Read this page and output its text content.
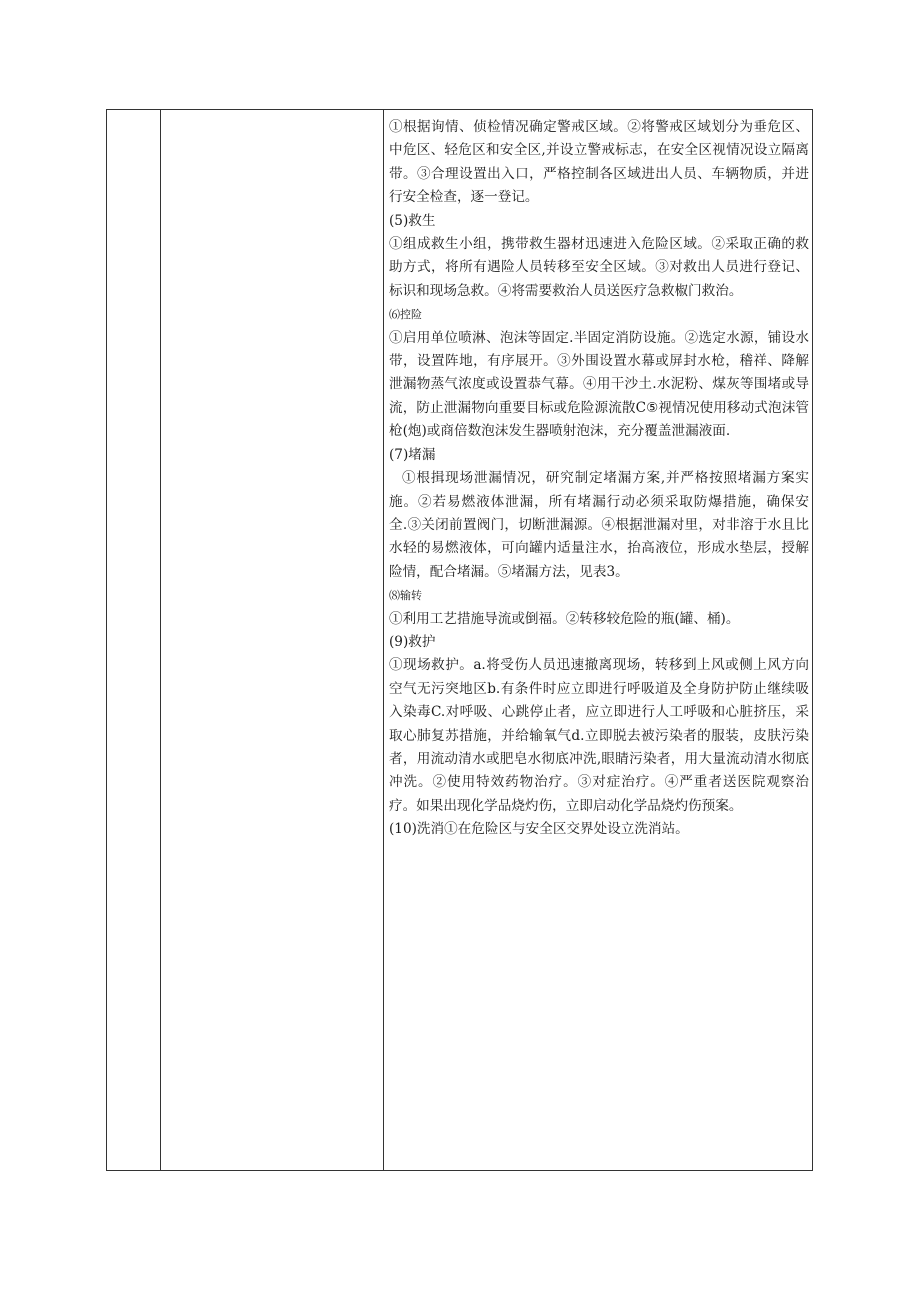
①根据询情、侦检情况确定警戒区域。②将警戒区域划分为垂危区、中危区、轻危区和安全区,并设立警戒标志，在安全区视情况设立隔离带。③合理设置出入口，严格控制各区域进出人员、车辆物质，并进行安全检查，逐一登记。

(5)救生

①组成救生小组，携带救生器材迅速进入危险区域。②采取正确的救助方式，将所有遇险人员转移至安全区域。③对救出人员进行登记、标识和现场急救。④将需要救治人员送医疗急救椒门救治。

⑹控险

①启用单位喷淋、泡沫等固定.半固定消防设施。②选定水源，铺设水带，设置阵地，有序展开。③外围设置水幕或屏封水枪，稽祥、降解泄漏物蒸气浓度或设置恭气幕。④用干沙土.水泥粉、煤灰等围堵或导流，防止泄漏物向重要目标或危险源流散C⑤视情况使用移动式泡沫管枪(炮)或商倍数泡沫发生器喷射泡沫，充分覆盖泄漏液面.

(7)堵漏

①根揖现场泄漏情况，研究制定堵漏方案,并严格按照堵漏方案实施。②若易燃液体泄漏，所有堵漏行动必须采取防爆措施，确保安全.③关闭前置阀门，切断泄漏源。④根据泄漏对里，对非溶于水且比水轻的易燃液体，可向罐内适量注水，抬高液位，形成水垫层，授解险情，配合堵漏。⑤堵漏方法，见表3。

⑻输转

①利用工艺措施导流或倒福。②转移较危险的瓶(罐、桶)。

(9)救护

①现场救护。a.将受伤人员迅速撤离现场，转移到上风或侧上风方向空气无污突地区b.有条件时应立即进行呼吸道及全身防护防止继续吸入染毒C.对呼吸、心跳停止者，应立即进行人工呼吸和心脏挤压，采取心肺复苏措施，并给输氧气d.立即脱去被污染者的服装，皮肤污染者，用流动清水或肥皂水彻底冲洗,眼睛污染者，用大量流动清水彻底冲洗。②使用特效药物治疗。③对症治疗。④严重者送医院观察治疗。如果出现化学品烧灼伤，立即启动化学品烧灼伤预案。

(10)洗消①在危险区与安全区交界处设立洗消站。
